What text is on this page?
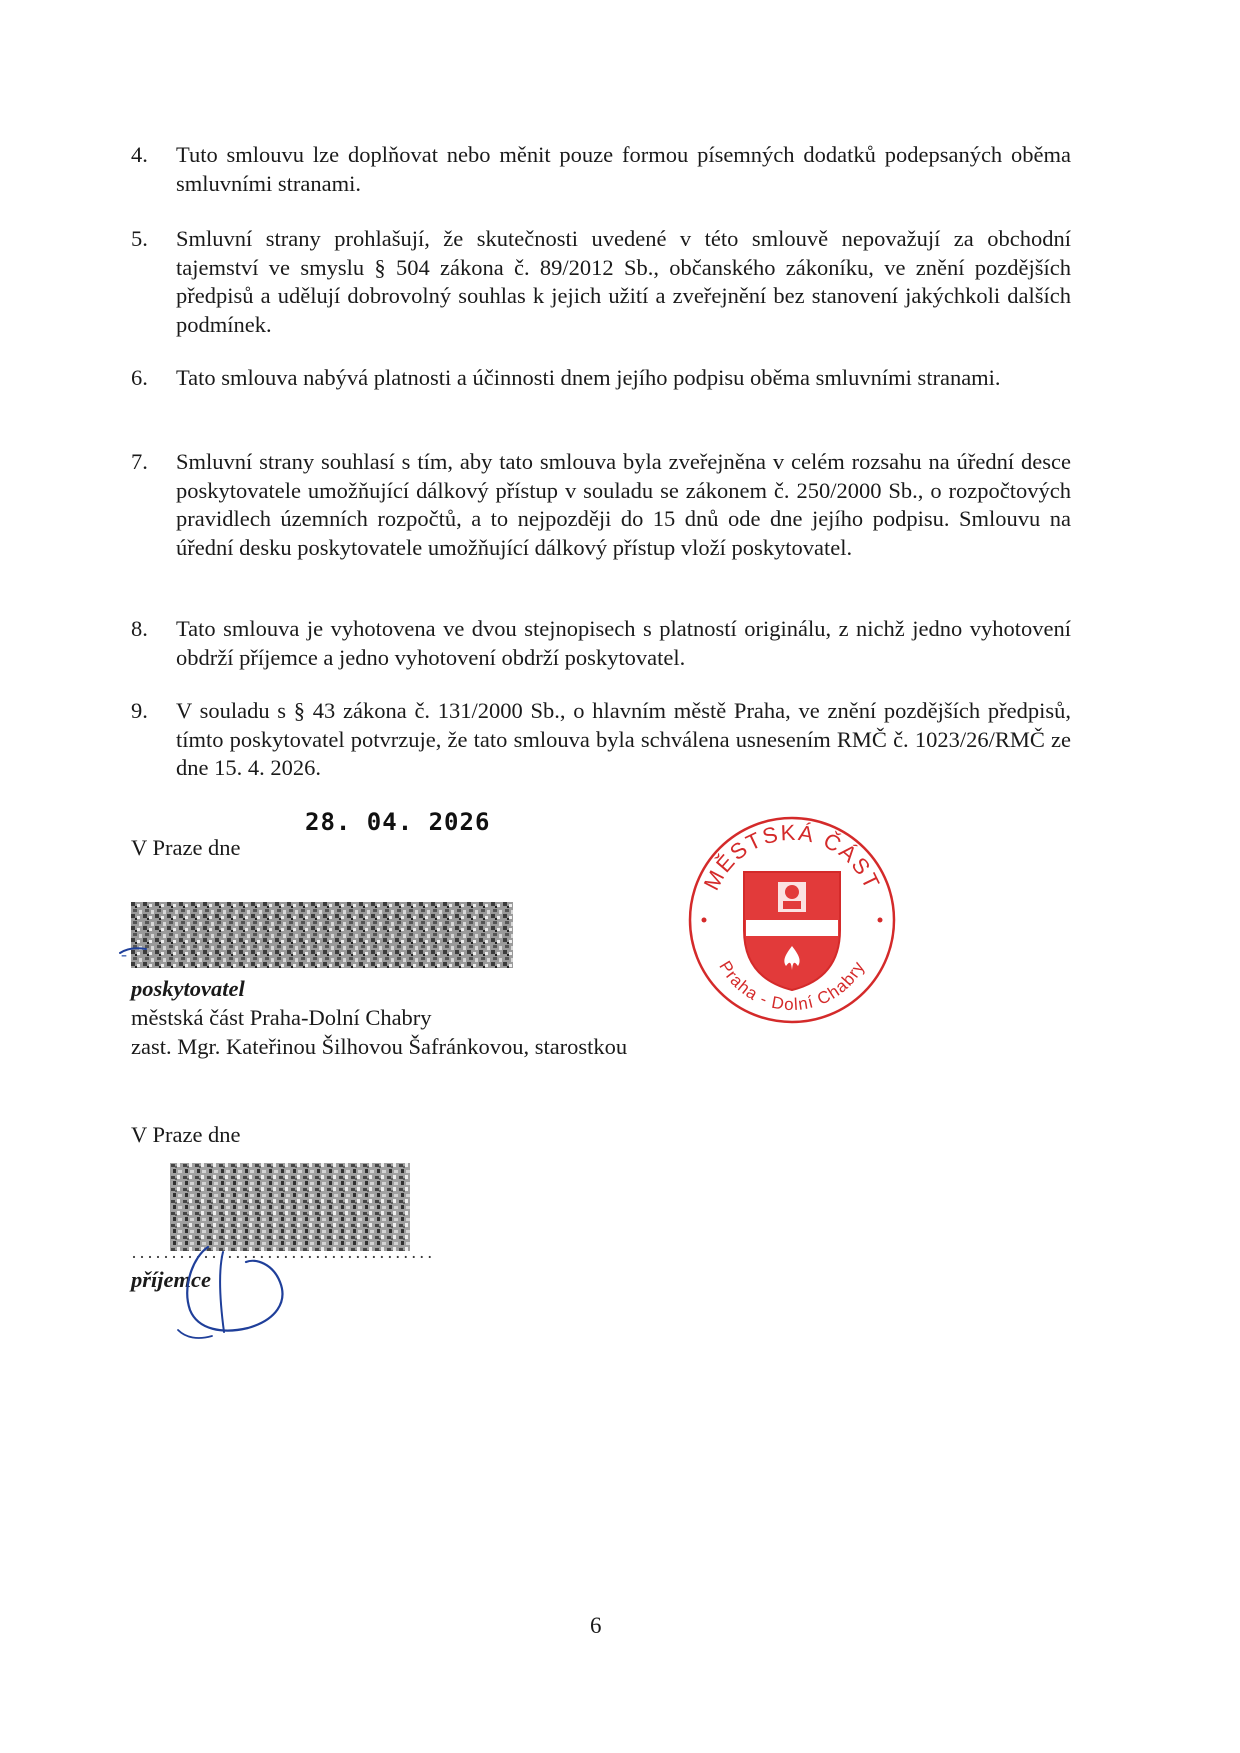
4.	Tuto smlouvu lze doplňovat nebo měnit pouze formou písemných dodatků podepsaných oběma smluvními stranami.
5.	Smluvní strany prohlašují, že skutečnosti uvedené v této smlouvě nepovažují za obchodní tajemství ve smyslu § 504 zákona č. 89/2012 Sb., občanského zákoníku, ve znění pozdějších předpisů a udělují dobrovolný souhlas k jejich užití a zveřejnění bez stanovení jakýchkoli dalších podmínek.
6.	Tato smlouva nabývá platnosti a účinnosti dnem jejího podpisu oběma smluvními stranami.
7.	Smluvní strany souhlasí s tím, aby tato smlouva byla zveřejněna v celém rozsahu na úřední desce poskytovatele umožňující dálkový přístup v souladu se zákonem č. 250/2000 Sb., o rozpočtových pravidlech územních rozpočtů, a to nejpozději do 15 dnů ode dne jejího podpisu. Smlouvu na úřední desku poskytovatele umožňující dálkový přístup vloží poskytovatel.
8.	Tato smlouva je vyhotovena ve dvou stejnopisech s platností originálu, z nichž jedno vyhotovení obdrží příjemce a jedno vyhotovení obdrží poskytovatel.
9.	V souladu s § 43 zákona č. 131/2000 Sb., o hlavním městě Praha, ve znění pozdějších předpisů, tímto poskytovatel potvrzuje, že tato smlouva byla schválena usnesením RMČ č. 1023/26/RMČ ze dne 15. 4. 2026.
V Praze dne
28. 04. 2026
-
poskytovatel
městská část Praha-Dolní Chabry
zast. Mgr. Kateřinou Šilhovou Šafránkovou, starostkou
MĚSTSKÁ ČÁST
Praha - Dolní Chabry
V Praze dne
······································
příjemce
6
